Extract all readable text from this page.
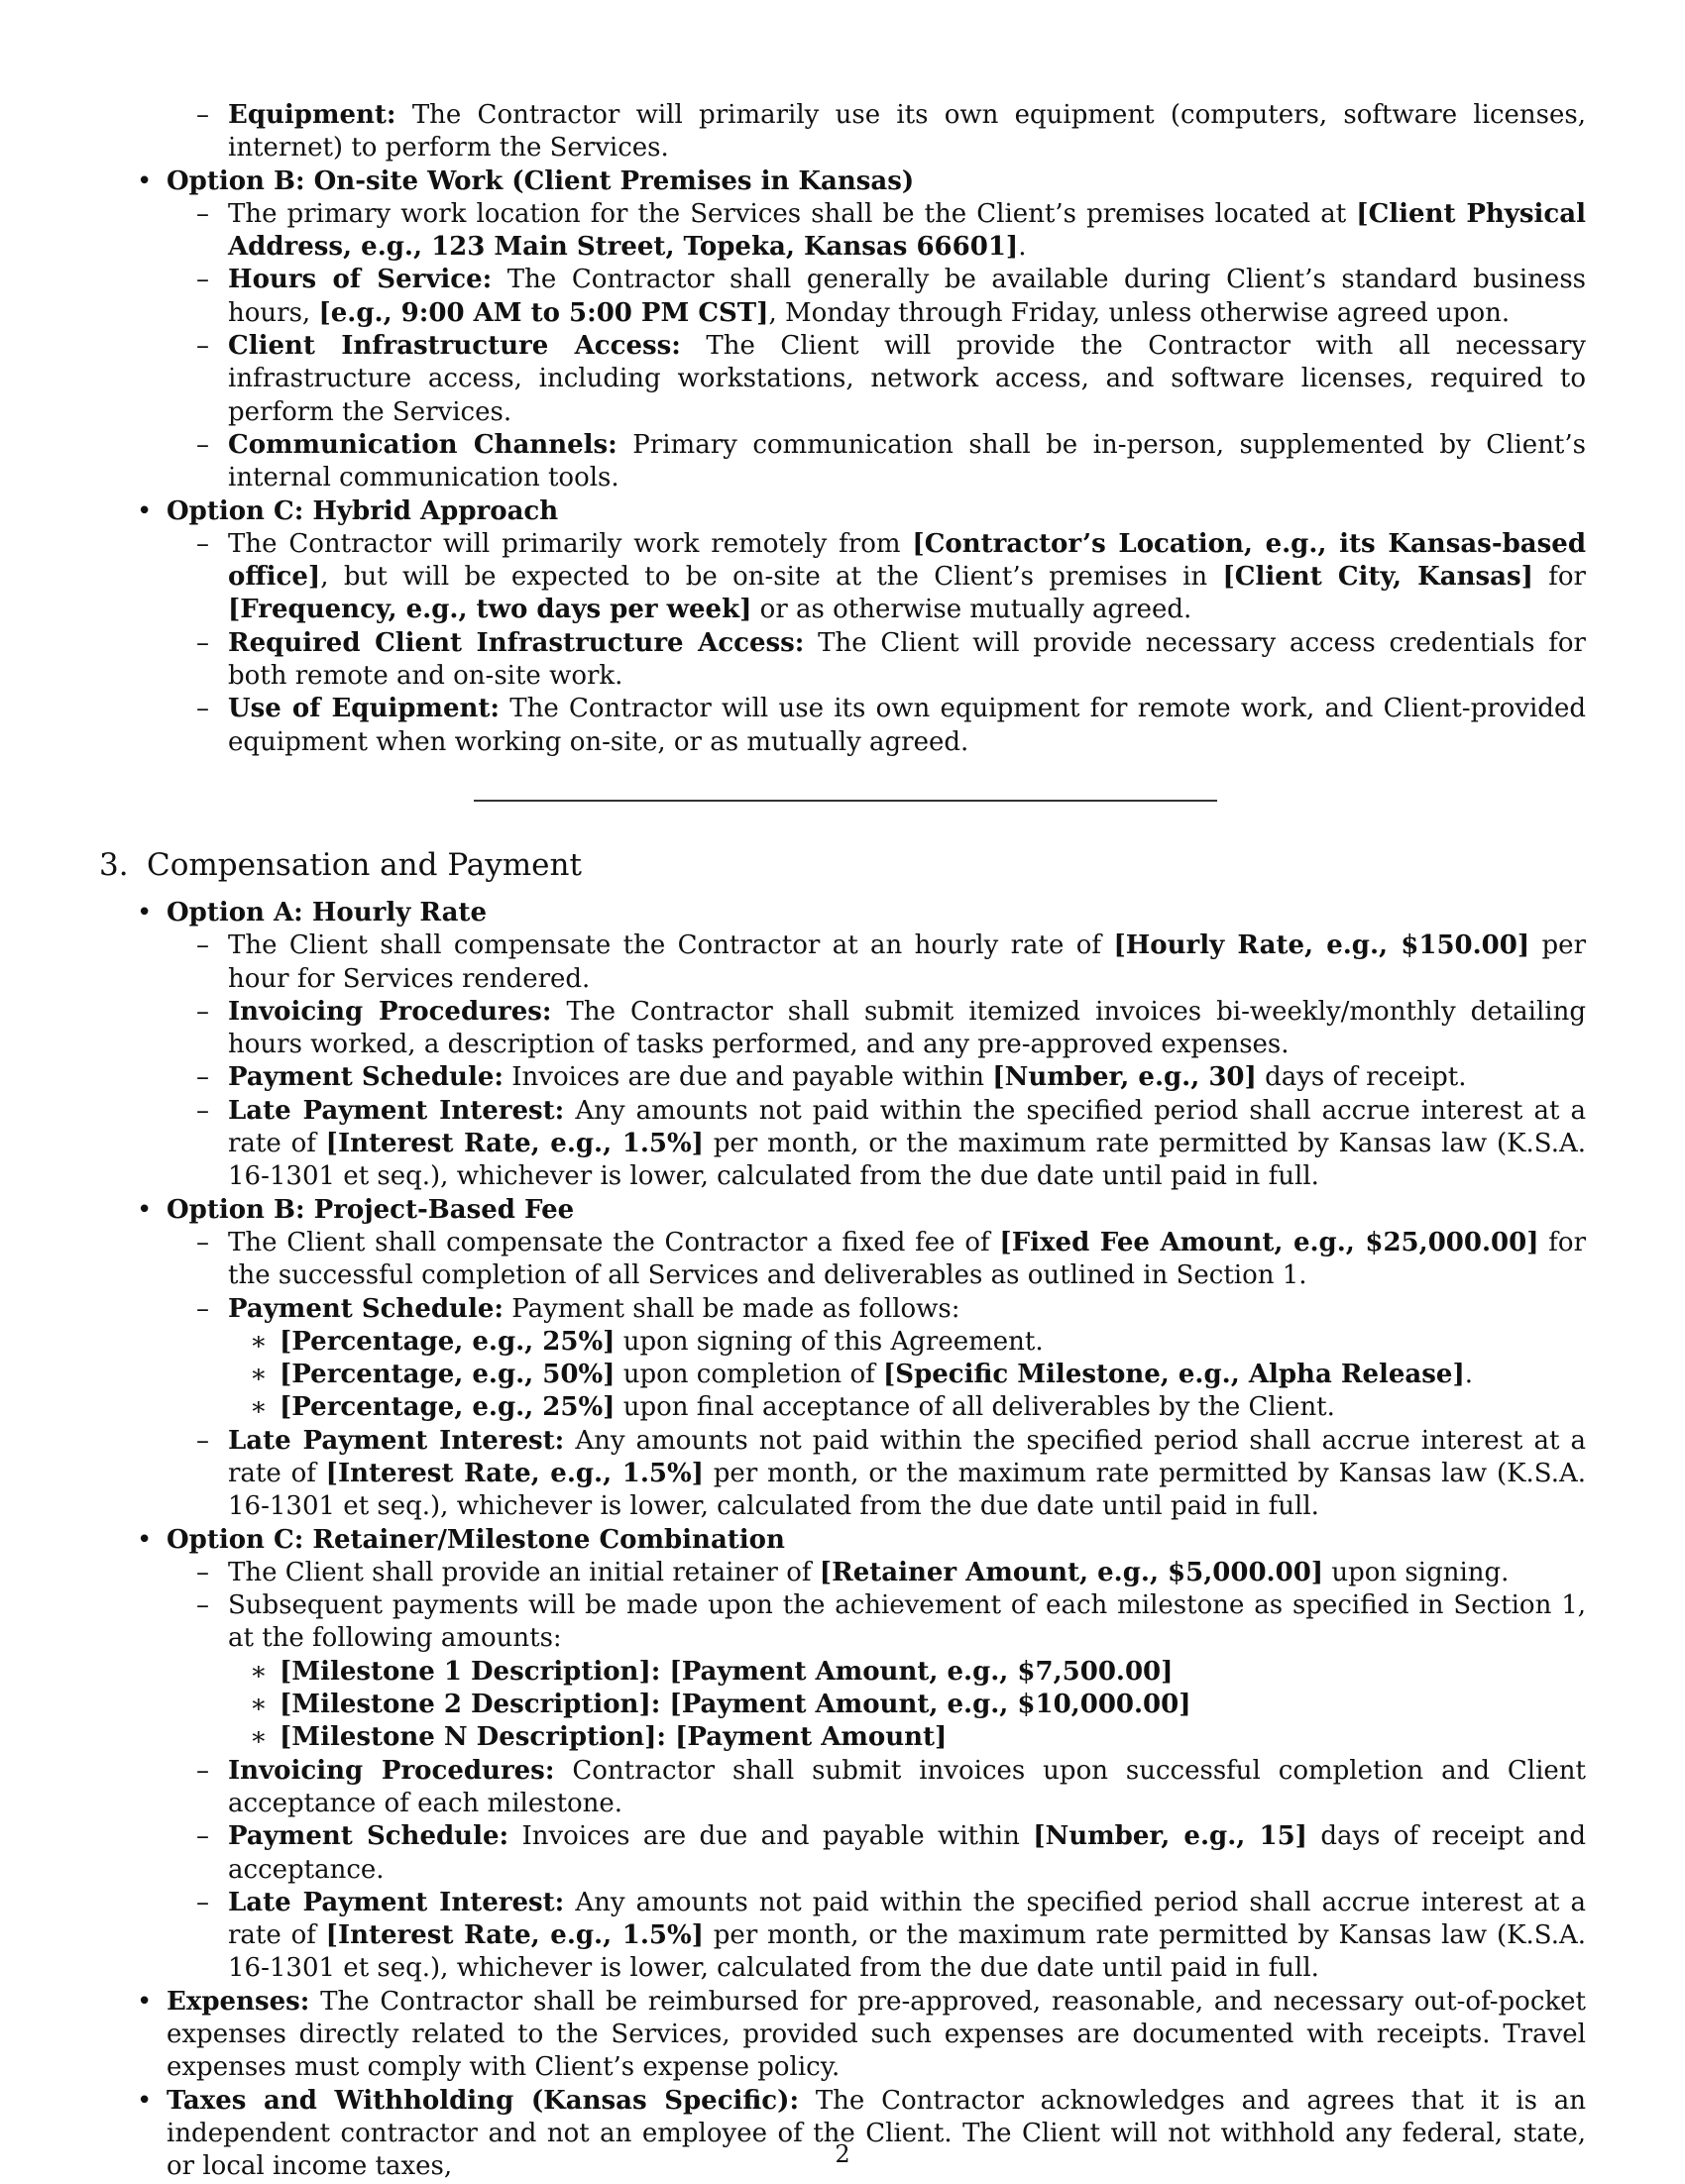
– Equipment: The Contractor will primarily use its own equipment (computers, software licenses, internet) to perform the Services.
• Option B: On-site Work (Client Premises in Kansas)
– The primary work location for the Services shall be the Client’s premises located at [Client Physical Address, e.g., 123 Main Street, Topeka, Kansas 66601].
– Hours of Service: The Contractor shall generally be available during Client’s standard business hours, [e.g., 9:00 AM to 5:00 PM CST], Monday through Friday, unless otherwise agreed upon.
– Client Infrastructure Access: The Client will provide the Contractor with all necessary infrastructure access, including workstations, network access, and software licenses, required to perform the Services.
– Communication Channels: Primary communication shall be in-person, supplemented by Client’s internal communication tools.
• Option C: Hybrid Approach
– The Contractor will primarily work remotely from [Contractor’s Location, e.g., its Kansas-based office], but will be expected to be on-site at the Client’s premises in [Client City, Kansas] for [Frequency, e.g., two days per week] or as otherwise mutually agreed.
– Required Client Infrastructure Access: The Client will provide necessary access credentials for both remote and on-site work.
– Use of Equipment: The Contractor will use its own equipment for remote work, and Client-provided equipment when working on-site, or as mutually agreed.
3. Compensation and Payment
• Option A: Hourly Rate
– The Client shall compensate the Contractor at an hourly rate of [Hourly Rate, e.g., $150.00] per hour for Services rendered.
– Invoicing Procedures: The Contractor shall submit itemized invoices bi-weekly/monthly detailing hours worked, a description of tasks performed, and any pre-approved expenses.
– Payment Schedule: Invoices are due and payable within [Number, e.g., 30] days of receipt.
– Late Payment Interest: Any amounts not paid within the specified period shall accrue interest at a rate of [Interest Rate, e.g., 1.5%] per month, or the maximum rate permitted by Kansas law (K.S.A. 16-1301 et seq.), whichever is lower, calculated from the due date until paid in full.
• Option B: Project-Based Fee
– The Client shall compensate the Contractor a fixed fee of [Fixed Fee Amount, e.g., $25,000.00] for the successful completion of all Services and deliverables as outlined in Section 1.
– Payment Schedule: Payment shall be made as follows:
∗ [Percentage, e.g., 25%] upon signing of this Agreement.
∗ [Percentage, e.g., 50%] upon completion of [Specific Milestone, e.g., Alpha Release].
∗ [Percentage, e.g., 25%] upon final acceptance of all deliverables by the Client.
– Late Payment Interest: Any amounts not paid within the specified period shall accrue interest at a rate of [Interest Rate, e.g., 1.5%] per month, or the maximum rate permitted by Kansas law (K.S.A. 16-1301 et seq.), whichever is lower, calculated from the due date until paid in full.
• Option C: Retainer/Milestone Combination
– The Client shall provide an initial retainer of [Retainer Amount, e.g., $5,000.00] upon signing.
– Subsequent payments will be made upon the achievement of each milestone as specified in Section 1, at the following amounts:
∗ [Milestone 1 Description]: [Payment Amount, e.g., $7,500.00]
∗ [Milestone 2 Description]: [Payment Amount, e.g., $10,000.00]
∗ [Milestone N Description]: [Payment Amount]
– Invoicing Procedures: Contractor shall submit invoices upon successful completion and Client acceptance of each milestone.
– Payment Schedule: Invoices are due and payable within [Number, e.g., 15] days of receipt and acceptance.
– Late Payment Interest: Any amounts not paid within the specified period shall accrue interest at a rate of [Interest Rate, e.g., 1.5%] per month, or the maximum rate permitted by Kansas law (K.S.A. 16-1301 et seq.), whichever is lower, calculated from the due date until paid in full.
• Expenses: The Contractor shall be reimbursed for pre-approved, reasonable, and necessary out-of-pocket expenses directly related to the Services, provided such expenses are documented with receipts. Travel expenses must comply with Client’s expense policy.
• Taxes and Withholding (Kansas Specific): The Contractor acknowledges and agrees that it is an independent contractor and not an employee of the Client. The Client will not withhold any federal, state, or local income taxes,	2
